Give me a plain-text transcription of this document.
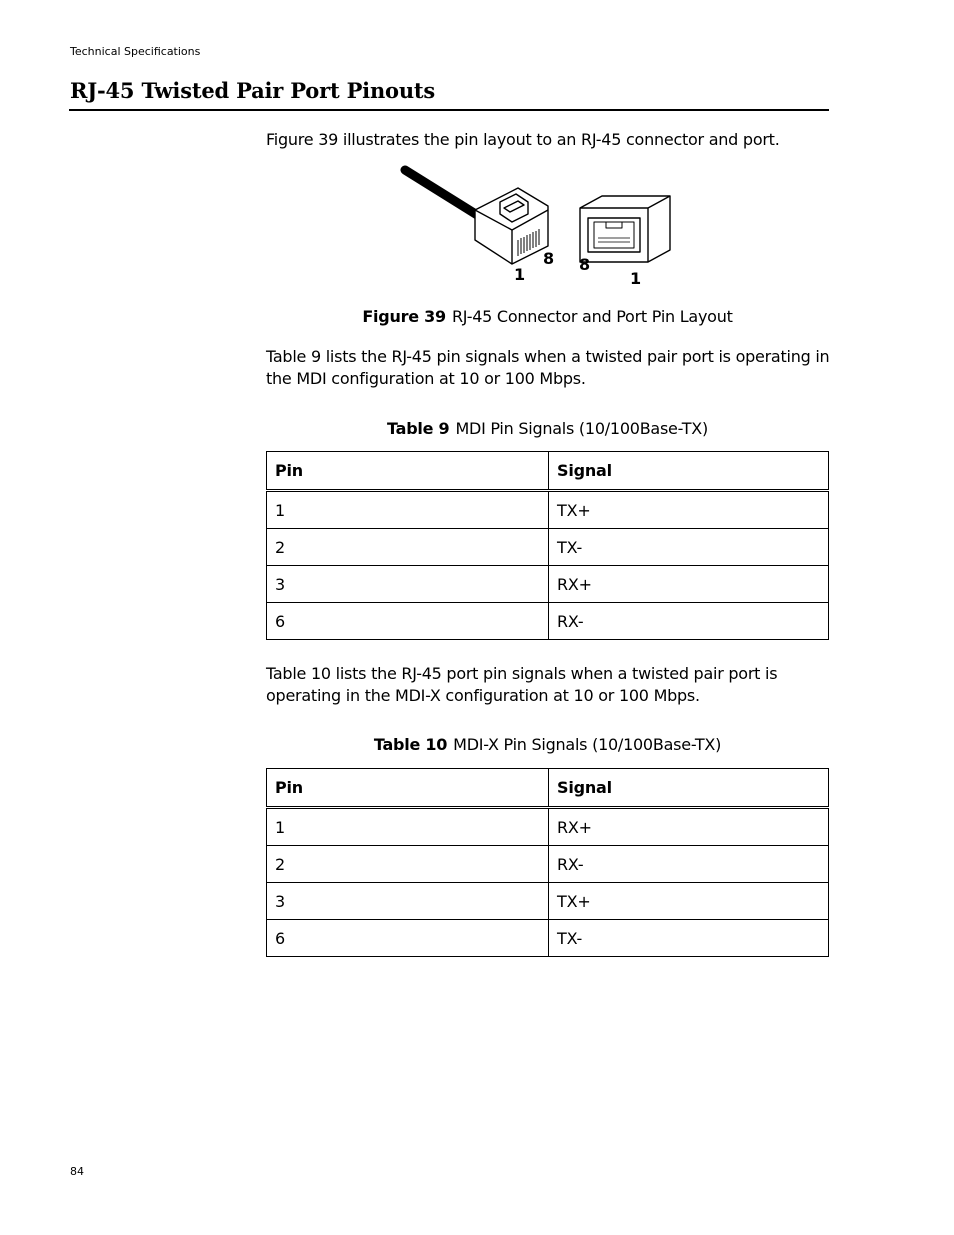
Technical Specifications
RJ-45 Twisted Pair Port Pinouts

Figure 39 illustrates the pin layout to an RJ-45 connector and port.

1
8 8
1
Figure 39 RJ-45 Connector and Port Pin Layout

Table 9 lists the RJ-45 pin signals when a twisted pair port is operating in the MDI configuration at 10 or 100 Mbps.

Table 9 MDI Pin Signals (10/100Base-TX)
Pin	Signal
1	TX+
2	TX-
3	RX+
6	RX-

Table 10 lists the RJ-45 port pin signals when a twisted pair port is operating in the MDI-X configuration at 10 or 100 Mbps.

Table 10 MDI-X Pin Signals (10/100Base-TX)
Pin	Signal
1	RX+
2	RX-
3	TX+
6	TX-
84
